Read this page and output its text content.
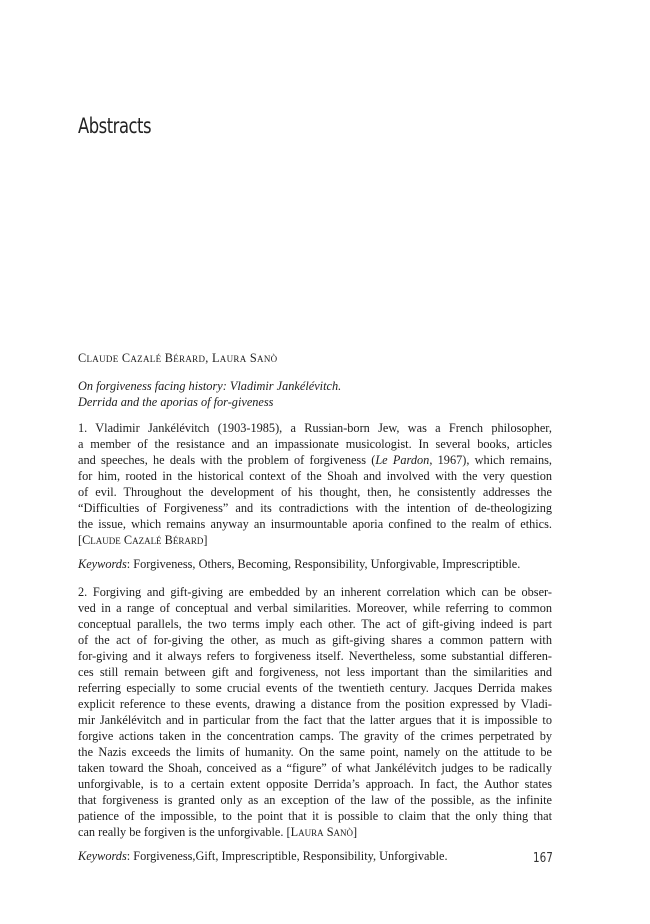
Abstracts
Claude Cazalé Bérard, Laura Sanò
On forgiveness facing history: Vladimir Jankélévitch.
Derrida and the aporias of for-giveness
1. Vladimir Jankélévitch (1903-1985), a Russian-born Jew, was a French philosopher,
a member of the resistance and an impassionate musicologist. In several books, articles
and speeches, he deals with the problem of forgiveness (Le Pardon, 1967), which remains,
for him, rooted in the historical context of the Shoah and involved with the very question
of evil. Throughout the development of his thought, then, he consistently addresses the
“Difficulties of Forgiveness” and its contradictions with the intention of de-theologizing
the issue, which remains anyway an insurmountable aporia confined to the realm of ethics.
[Claude Cazalé Bérard]
Keywords: Forgiveness, Others, Becoming, Responsibility, Unforgivable, Imprescriptible.
2. Forgiving and gift-giving are embedded by an inherent correlation which can be obser-
ved in a range of conceptual and verbal similarities. Moreover, while referring to common
conceptual parallels, the two terms imply each other. The act of gift-giving indeed is part
of the act of for-giving the other, as much as gift-giving shares a common pattern with
for-giving and it always refers to forgiveness itself. Nevertheless, some substantial differen-
ces still remain between gift and forgiveness, not less important than the similarities and
referring especially to some crucial events of the twentieth century. Jacques Derrida makes
explicit reference to these events, drawing a distance from the position expressed by Vladi-
mir Jankélévitch and in particular from the fact that the latter argues that it is impossible to
forgive actions taken in the concentration camps. The gravity of the crimes perpetrated by
the Nazis exceeds the limits of humanity. On the same point, namely on the attitude to be
taken toward the Shoah, conceived as a “figure” of what Jankélévitch judges to be radically
unforgivable, is to a certain extent opposite Derrida’s approach. In fact, the Author states
that forgiveness is granted only as an exception of the law of the possible, as the infinite
patience of the impossible, to the point that it is possible to claim that the only thing that
can really be forgiven is the unforgivable. [Laura Sanò]
Keywords: Forgiveness,Gift, Imprescriptible, Responsibility, Unforgivable.	167
